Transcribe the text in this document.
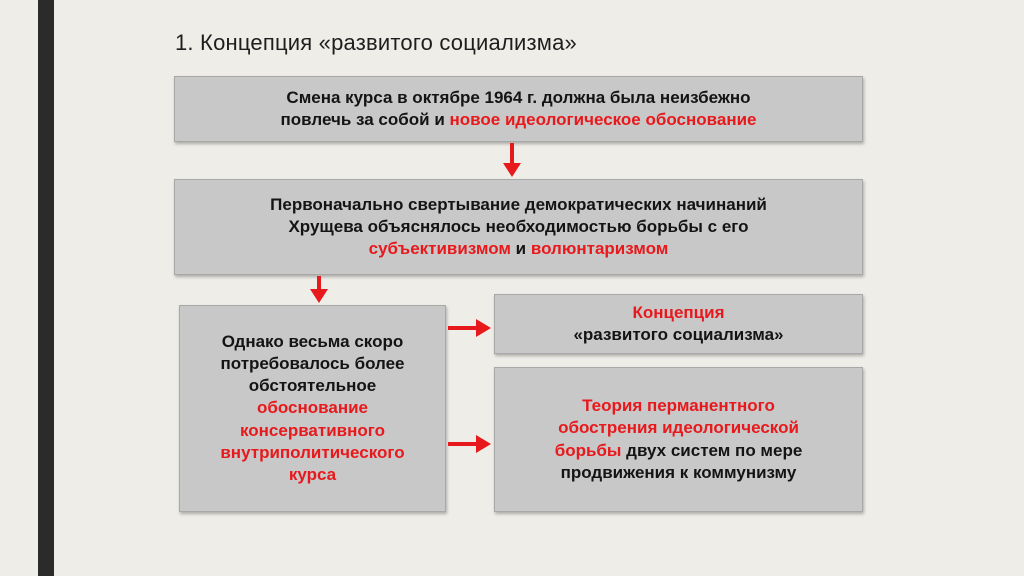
1. Концепция «развитого социализма»

Смена курса в октябре 1964 г. должна была неизбежно
повлечь за собой и новое идеологическое обоснование

Первоначально свертывание демократических начинаний
Хрущева объяснялось необходимостью борьбы с его
субъективизмом и волюнтаризмом

Однако весьма скоро
потребовалось более
обстоятельное
обоснование
консервативного
внутриполитического
курса

Концепция
«развитого социализма»

Теория перманентного
обострения идеологической
борьбы двух систем по мере
продвижения к коммунизму
